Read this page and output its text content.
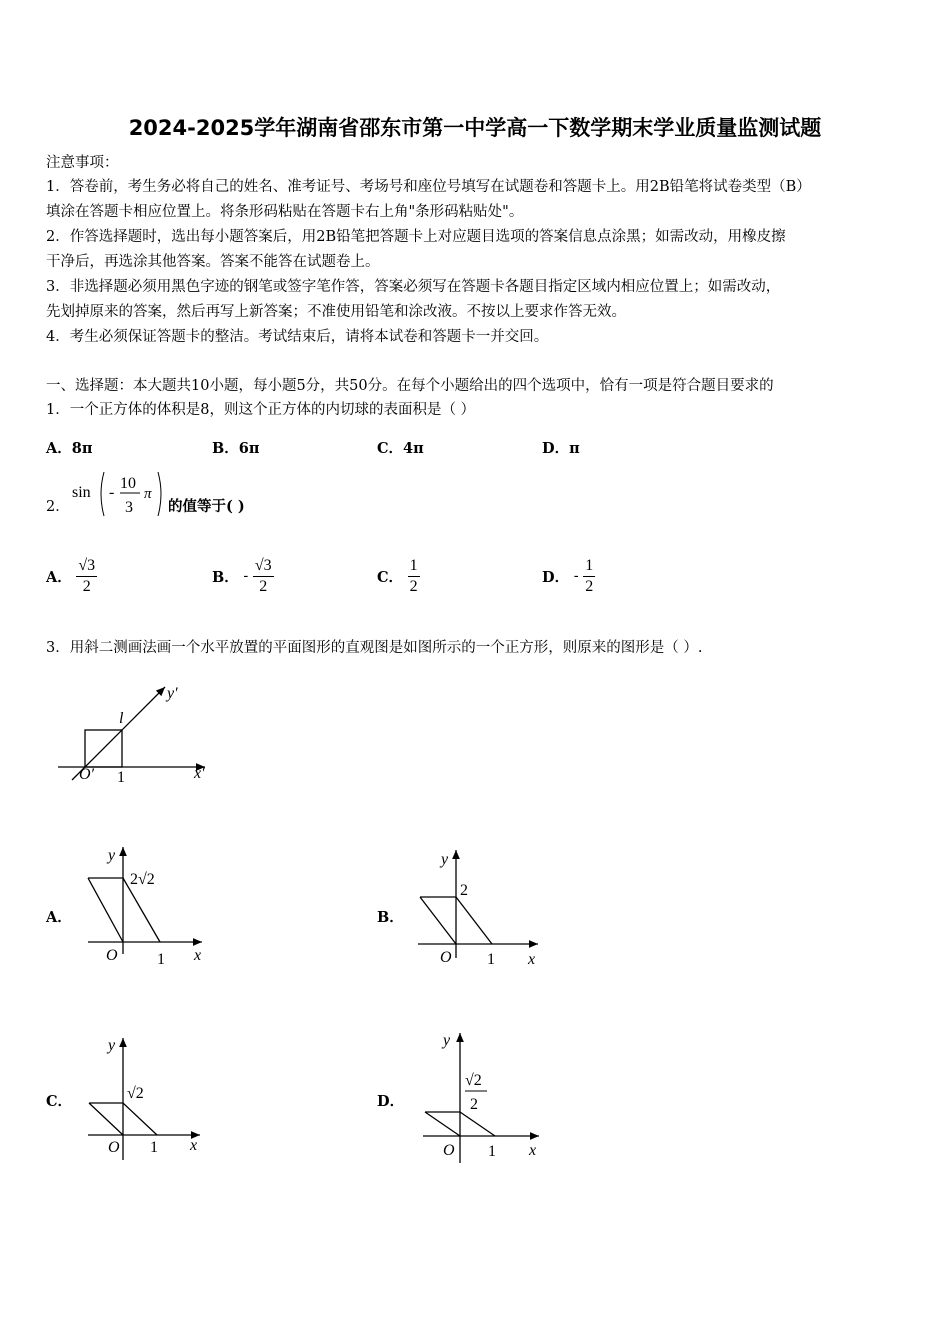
2024-2025学年湖南省邵东市第一中学高一下数学期末学业质量监测试题
注意事项：
1．答卷前，考生务必将自己的姓名、准考证号、考场号和座位号填写在试题卷和答题卡上。用2B铅笔将试卷类型（B）
填涂在答题卡相应位置上。将条形码粘贴在答题卡右上角"条形码粘贴处"。
2．作答选择题时，选出每小题答案后，用2B铅笔把答题卡上对应题目选项的答案信息点涂黑；如需改动，用橡皮擦
干净后，再选涂其他答案。答案不能答在试题卷上。
3．非选择题必须用黑色字迹的钢笔或签字笔作答，答案必须写在答题卡各题目指定区域内相应位置上；如需改动，
先划掉原来的答案，然后再写上新答案；不准使用铅笔和涂改液。不按以上要求作答无效。
4．考生必须保证答题卡的整洁。考试结束后，请将本试卷和答题卡一并交回。
一、选择题：本大题共10小题，每小题5分，共50分。在每个小题给出的四个选项中，恰有一项是符合题目要求的
1．一个正方体的体积是8，则这个正方体的内切球的表面积是（ ）
A．8π	B．6π	C．4π	D．π
2．
sin -
10
3
π
的值等于( )
A． $\frac{√3}{2}$	B． - $\frac{√3}{2}$	C． $\frac{1}{2}$	D． - $\frac{1}{2}$
3．用斜二测画法画一个水平放置的平面图形的直观图是如图所示的一个正方形，则原来的图形是（ ）.
y′
l
O′ 1	x′
A．
y
2√2
O 1 x
B．
y
2
O 1 x
C．
y
√2
O 1 x
D．
y
√2
2
O 1 x
